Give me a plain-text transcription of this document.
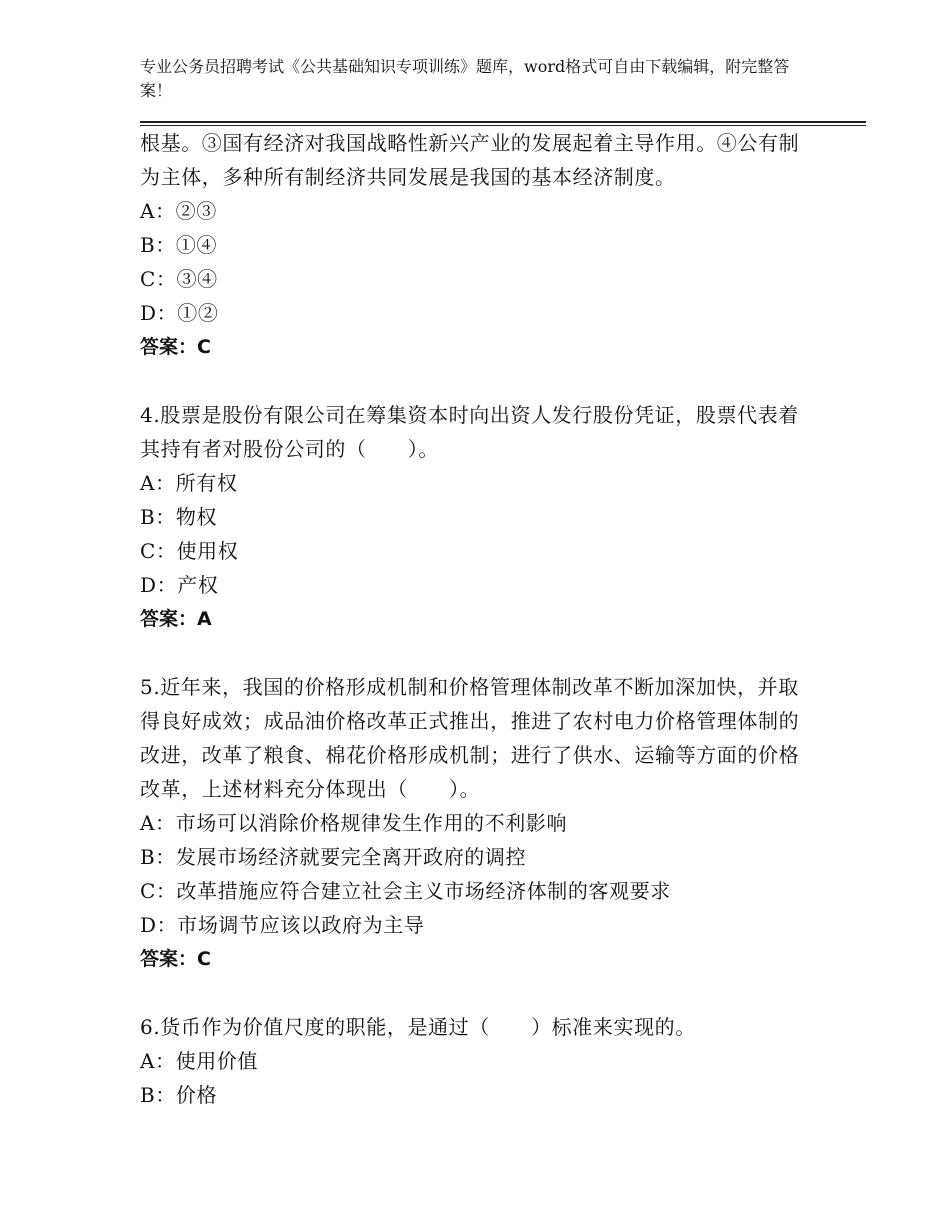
专业公务员招聘考试《公共基础知识专项训练》题库，word格式可自由下载编辑，附完整答案！

根基。③国有经济对我国战略性新兴产业的发展起着主导作用。④公有制为主体，多种所有制经济共同发展是我国的基本经济制度。

A：②③

B：①④

C：③④

D：①②

答案：C

4.股票是股份有限公司在筹集资本时向出资人发行股份凭证，股票代表着其持有者对股份公司的（　　）。

A：所有权

B：物权

C：使用权

D：产权

答案：A

5.近年来，我国的价格形成机制和价格管理体制改革不断加深加快，并取得良好成效；成品油价格改革正式推出，推进了农村电力价格管理体制的改进，改革了粮食、棉花价格形成机制；进行了供水、运输等方面的价格改革，上述材料充分体现出（　　）。

A：市场可以消除价格规律发生作用的不利影响

B：发展市场经济就要完全离开政府的调控

C：改革措施应符合建立社会主义市场经济体制的客观要求

D：市场调节应该以政府为主导

答案：C

6.货币作为价值尺度的职能，是通过（　　）标准来实现的。

A：使用价值

B：价格
